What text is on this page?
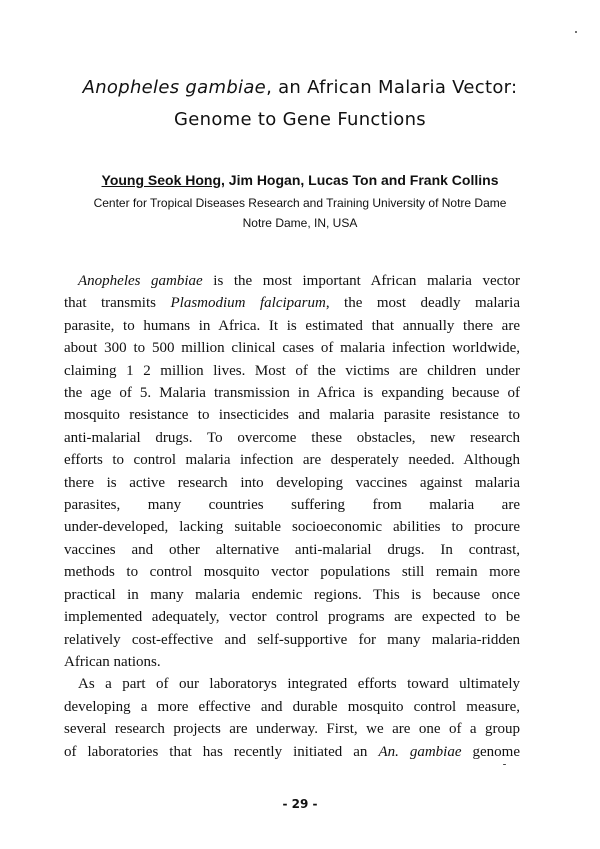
Anopheles gambiae, an African Malaria Vector:
Genome to Gene Functions
Young Seok Hong, Jim Hogan, Lucas Ton and Frank Collins
Center for Tropical Diseases Research and Training University of Notre Dame
Notre Dame, IN, USA

Anopheles gambiae is the most important African malaria vector
that transmits Plasmodium falciparum, the most deadly malaria
parasite, to humans in Africa. It is estimated that annually there are
about 300 to 500 million clinical cases of malaria infection worldwide,
claiming 1 2 million lives. Most of the victims are children under
the age of 5. Malaria transmission in Africa is expanding because of
mosquito resistance to insecticides and malaria parasite resistance to
anti-malarial drugs. To overcome these obstacles, new research
efforts to control malaria infection are desperately needed. Although
there is active research into developing vaccines against malaria
parasites, many countries suffering from malaria are
under-developed, lacking suitable socioeconomic abilities to procure
vaccines and other alternative anti-malarial drugs. In contrast,
methods to control mosquito vector populations still remain more
practical in many malaria endemic regions. This is because once
implemented adequately, vector control programs are expected to be
relatively cost-effective and self-supportive for many malaria-ridden
African nations.

As a part of our laboratorys integrated efforts toward ultimately
developing a more effective and durable mosquito control measure,
several research projects are underway. First, we are one of a group
of laboratories that has recently initiated an An. gambiae genome

- 29 -
